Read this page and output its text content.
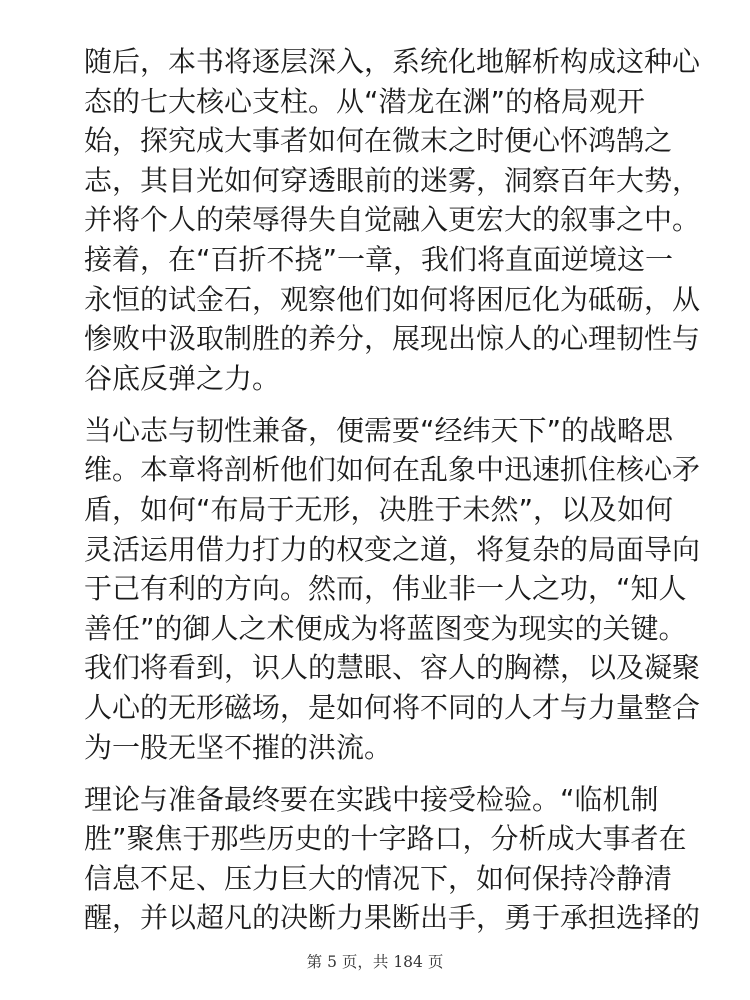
随后，本书将逐层深入，系统化地解析构成这种心
态的七大核心支柱。从“潜龙在渊”的格局观开
始，探究成大事者如何在微末之时便心怀鸿鹄之
志，其目光如何穿透眼前的迷雾，洞察百年大势，
并将个人的荣辱得失自觉融入更宏大的叙事之中。
接着，在“百折不挠”一章，我们将直面逆境这一
永恒的试金石，观察他们如何将困厄化为砥砺，从
惨败中汲取制胜的养分，展现出惊人的心理韧性与
谷底反弹之力。

当心志与韧性兼备，便需要“经纬天下”的战略思
维。本章将剖析他们如何在乱象中迅速抓住核心矛
盾，如何“布局于无形，决胜于未然”，以及如何
灵活运用借力打力的权变之道，将复杂的局面导向
于己有利的方向。然而，伟业非一人之功，“知人
善任”的御人之术便成为将蓝图变为现实的关键。
我们将看到，识人的慧眼、容人的胸襟，以及凝聚
人心的无形磁场，是如何将不同的人才与力量整合
为一股无坚不摧的洪流。

理论与准备最终要在实践中接受检验。“临机制
胜”聚焦于那些历史的十字路口，分析成大事者在
信息不足、压力巨大的情况下，如何保持冷静清
醒，并以超凡的决断力果断出手，勇于承担选择的

第 5 页，共 184 页
